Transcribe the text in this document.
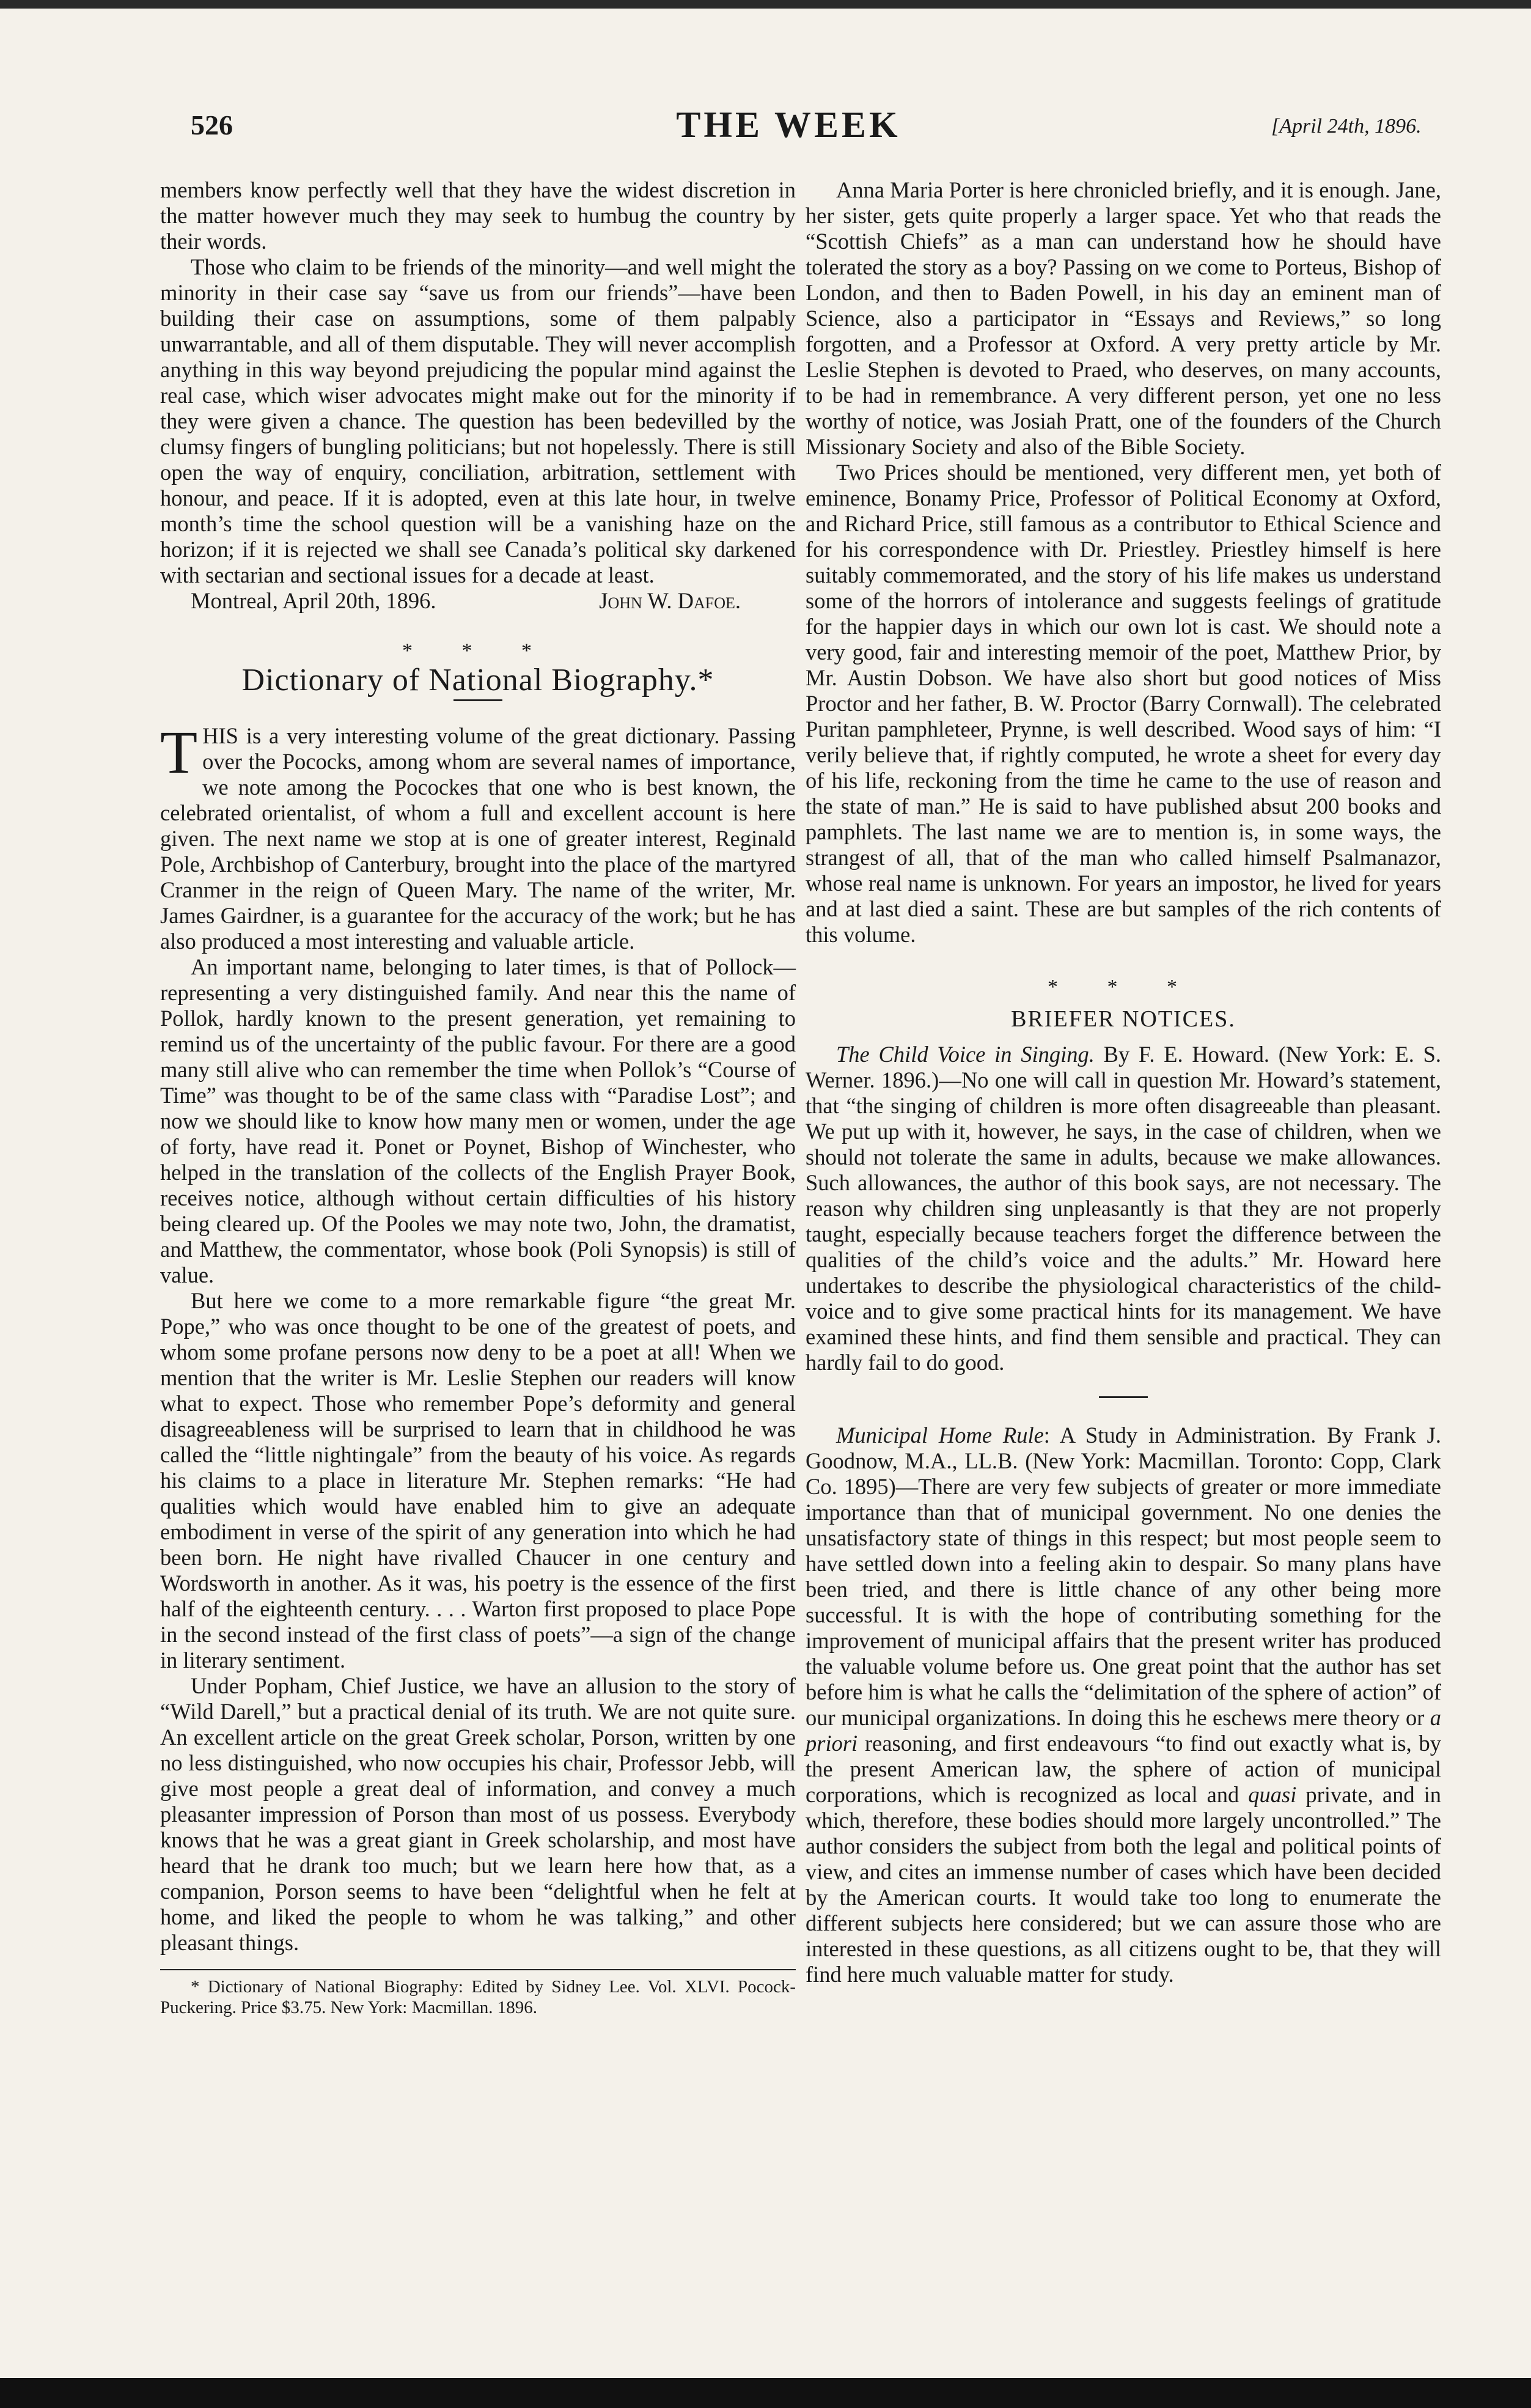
526	THE WEEK	[April 24th, 1896.

members know perfectly well that they have the widest discretion in the matter however much they may seek to humbug the country by their words.

Those who claim to be friends of the minority—and well might the minority in their case say “save us from our friends”—have been building their case on assumptions, some of them palpably unwarrantable, and all of them disputable. They will never accomplish anything in this way beyond prejudicing the popular mind against the real case, which wiser advocates might make out for the minority if they were given a chance. The question has been bedevilled by the clumsy fingers of bungling politicians; but not hopelessly. There is still open the way of enquiry, conciliation, arbitration, settlement with honour, and peace. If it is adopted, even at this late hour, in twelve month’s time the school question will be a vanishing haze on the horizon; if it is rejected we shall see Canada’s political sky darkened with sectarian and sectional issues for a decade at least.

Montreal, April 20th, 1896.	John W. Dafoe.
* * *
Dictionary of National Biography.*

THIS is a very interesting volume of the great dictionary. Passing over the Pococks, among whom are several names of importance, we note among the Pocockes that one who is best known, the celebrated orientalist, of whom a full and excellent account is here given. The next name we stop at is one of greater interest, Reginald Pole, Archbishop of Canterbury, brought into the place of the martyred Cranmer in the reign of Queen Mary. The name of the writer, Mr. James Gairdner, is a guarantee for the accuracy of the work; but he has also produced a most interesting and valuable article.

An important name, belonging to later times, is that of Pollock—representing a very distinguished family. And near this the name of Pollok, hardly known to the present generation, yet remaining to remind us of the uncertainty of the public favour. For there are a good many still alive who can remember the time when Pollok’s “Course of Time” was thought to be of the same class with “Paradise Lost”; and now we should like to know how many men or women, under the age of forty, have read it. Ponet or Poynet, Bishop of Winchester, who helped in the translation of the collects of the English Prayer Book, receives notice, although without certain difficulties of his history being cleared up. Of the Pooles we may note two, John, the dramatist, and Matthew, the commentator, whose book (Poli Synopsis) is still of value.

But here we come to a more remarkable figure “the great Mr. Pope,” who was once thought to be one of the greatest of poets, and whom some profane persons now deny to be a poet at all! When we mention that the writer is Mr. Leslie Stephen our readers will know what to expect. Those who remember Pope’s deformity and general disagreeableness will be surprised to learn that in childhood he was called the “little nightingale” from the beauty of his voice. As regards his claims to a place in literature Mr. Stephen remarks: “He had qualities which would have enabled him to give an adequate embodiment in verse of the spirit of any generation into which he had been born. He night have rivalled Chaucer in one century and Wordsworth in another. As it was, his poetry is the essence of the first half of the eighteenth century. . . . Warton first proposed to place Pope in the second instead of the first class of poets”—a sign of the change in literary sentiment.

Under Popham, Chief Justice, we have an allusion to the story of “Wild Darell,” but a practical denial of its truth. We are not quite sure. An excellent article on the great Greek scholar, Porson, written by one no less distinguished, who now occupies his chair, Professor Jebb, will give most people a great deal of information, and convey a much pleasanter impression of Porson than most of us possess. Everybody knows that he was a great giant in Greek scholarship, and most have heard that he drank too much; but we learn here how that, as a companion, Porson seems to have been “delightful when he felt at home, and liked the people to whom he was talking,” and other pleasant things.

* Dictionary of National Biography: Edited by Sidney Lee. Vol. XLVI. Pocock-Puckering. Price $3.75. New York: Macmillan. 1896.

Anna Maria Porter is here chronicled briefly, and it is enough. Jane, her sister, gets quite properly a larger space. Yet who that reads the “Scottish Chiefs” as a man can understand how he should have tolerated the story as a boy? Passing on we come to Porteus, Bishop of London, and then to Baden Powell, in his day an eminent man of Science, also a participator in “Essays and Reviews,” so long forgotten, and a Professor at Oxford. A very pretty article by Mr. Leslie Stephen is devoted to Praed, who deserves, on many accounts, to be had in remembrance. A very different person, yet one no less worthy of notice, was Josiah Pratt, one of the founders of the Church Missionary Society and also of the Bible Society.

Two Prices should be mentioned, very different men, yet both of eminence, Bonamy Price, Professor of Political Economy at Oxford, and Richard Price, still famous as a contributor to Ethical Science and for his correspondence with Dr. Priestley. Priestley himself is here suitably commemorated, and the story of his life makes us understand some of the horrors of intolerance and suggests feelings of gratitude for the happier days in which our own lot is cast. We should note a very good, fair and interesting memoir of the poet, Matthew Prior, by Mr. Austin Dobson. We have also short but good notices of Miss Proctor and her father, B. W. Proctor (Barry Cornwall). The celebrated Puritan pamphleteer, Prynne, is well described. Wood says of him: “I verily believe that, if rightly computed, he wrote a sheet for every day of his life, reckoning from the time he came to the use of reason and the state of man.” He is said to have published absut 200 books and pamphlets. The last name we are to mention is, in some ways, the strangest of all, that of the man who called himself Psalmanazor, whose real name is unknown. For years an impostor, he lived for years and at last died a saint. These are but samples of the rich contents of this volume.

* * *
BRIEFER NOTICES.

The Child Voice in Singing. By F. E. Howard. (New York: E. S. Werner. 1896.)—No one will call in question Mr. Howard’s statement, that “the singing of children is more often disagreeable than pleasant. We put up with it, however, he says, in the case of children, when we should not tolerate the same in adults, because we make allowances. Such allowances, the author of this book says, are not necessary. The reason why children sing unpleasantly is that they are not properly taught, especially because teachers forget the difference between the qualities of the child’s voice and the adults.” Mr. Howard here undertakes to describe the physiological characteristics of the child-voice and to give some practical hints for its management. We have examined these hints, and find them sensible and practical. They can hardly fail to do good.

Municipal Home Rule: A Study in Administration. By Frank J. Goodnow, M.A., LL.B. (New York: Macmillan. Toronto: Copp, Clark Co. 1895)—There are very few subjects of greater or more immediate importance than that of municipal government. No one denies the unsatisfactory state of things in this respect; but most people seem to have settled down into a feeling akin to despair. So many plans have been tried, and there is little chance of any other being more successful. It is with the hope of contributing something for the improvement of municipal affairs that the present writer has produced the valuable volume before us. One great point that the author has set before him is what he calls the “delimitation of the sphere of action” of our municipal organizations. In doing this he eschews mere theory or a priori reasoning, and first endeavours “to find out exactly what is, by the present American law, the sphere of action of municipal corporations, which is recognized as local and quasi private, and in which, therefore, these bodies should more largely uncontrolled.” The author considers the subject from both the legal and political points of view, and cites an immense number of cases which have been decided by the American courts. It would take too long to enumerate the different subjects here considered; but we can assure those who are interested in these questions, as all citizens ought to be, that they will find here much valuable matter for study.
